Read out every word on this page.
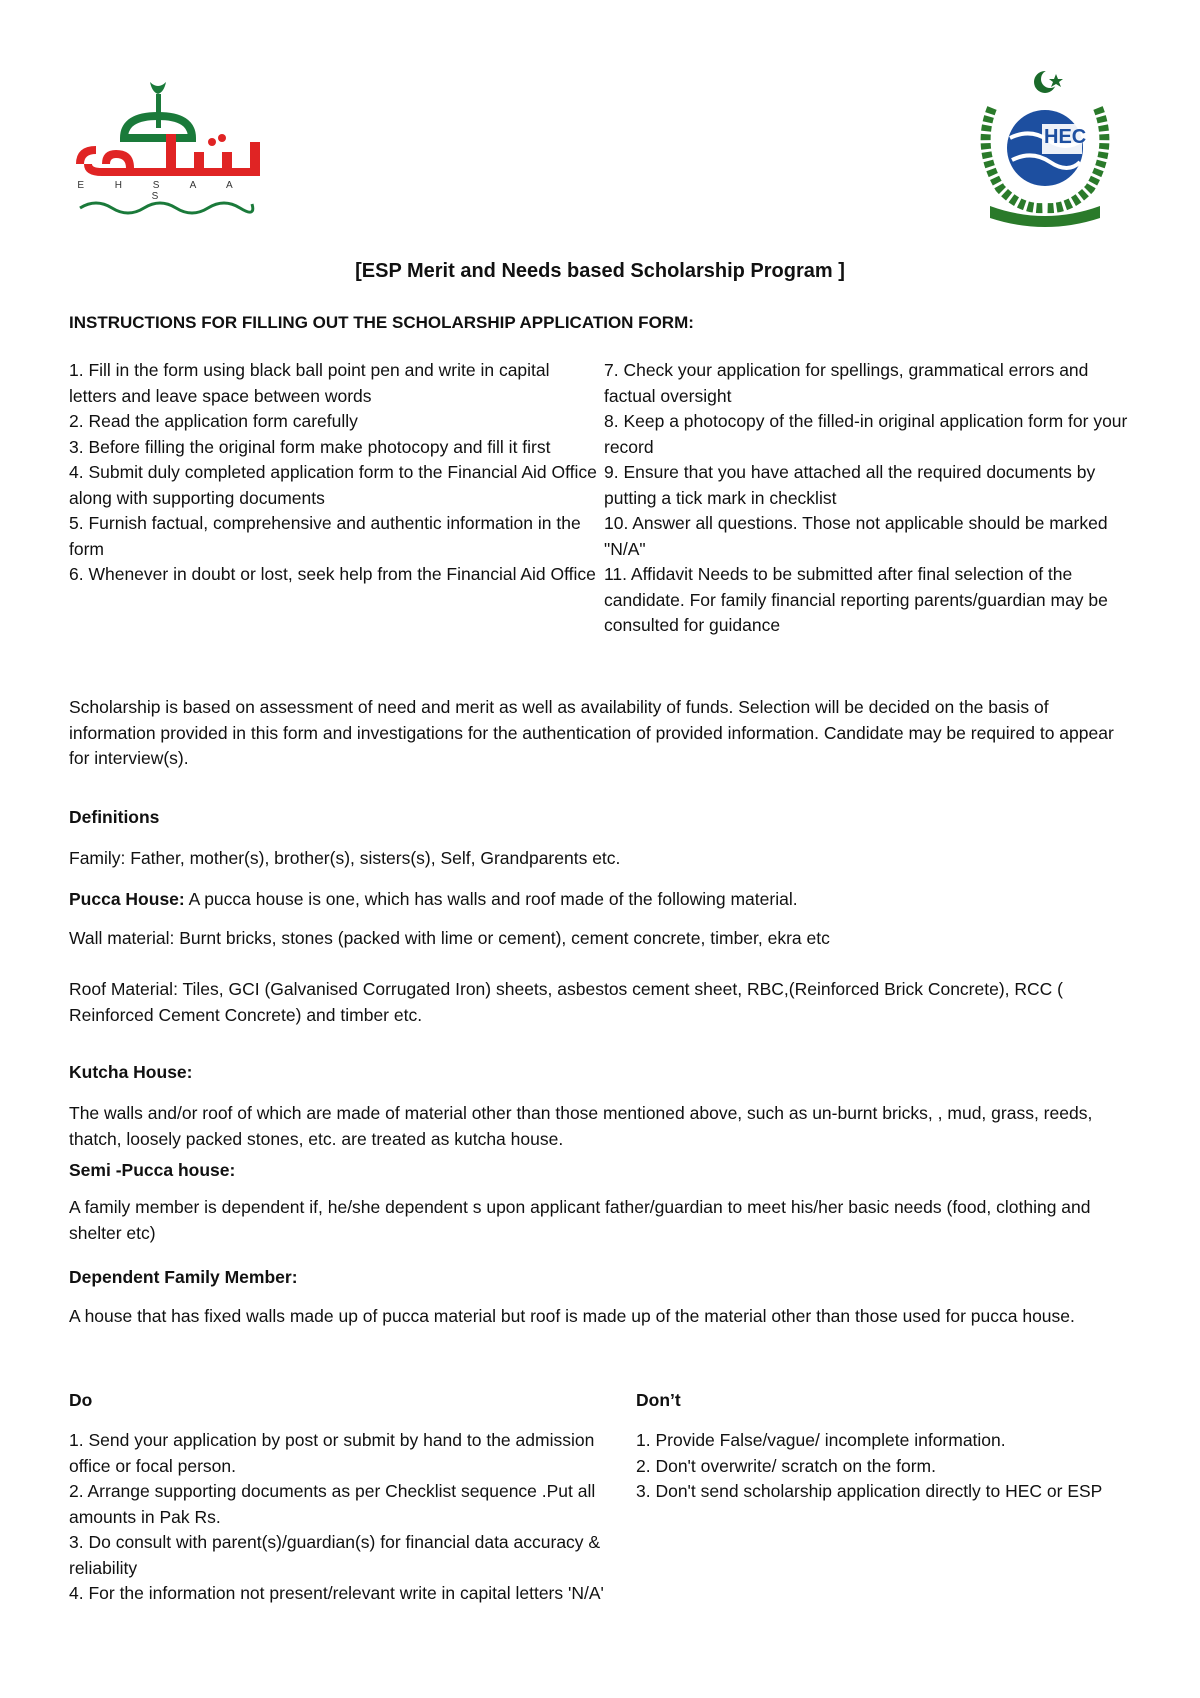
E H S A A S
HEC
[ESP Merit and Needs based Scholarship Program ]
INSTRUCTIONS FOR FILLING OUT THE SCHOLARSHIP APPLICATION FORM:
1. Fill in the form using black ball point pen and write in capital letters and leave space between words
2. Read the application form carefully
3. Before filling the original form make photocopy and fill it first
4. Submit duly completed application form to the Financial Aid Office along with supporting documents
5. Furnish factual, comprehensive and authentic information in the form
6. Whenever in doubt or lost, seek help from the Financial Aid Office
7. Check your application for spellings, grammatical errors and factual oversight
8. Keep a photocopy of the filled-in original application form for your record
9. Ensure that you have attached all the required documents by putting a tick mark in checklist
10. Answer all questions. Those not applicable should be marked "N/A"
11. Affidavit Needs to be submitted after final selection of the candidate. For family financial reporting parents/guardian may be consulted for guidance
Scholarship is based on assessment of need and merit as well as availability of funds. Selection will be decided on the basis of information provided in this form and investigations for the authentication of provided information. Candidate may be required to appear for interview(s).
Definitions
Family: Father, mother(s), brother(s), sisters(s), Self, Grandparents etc.
Pucca House: A pucca house is one, which has walls and roof made of the following material.
Wall material: Burnt bricks, stones (packed with lime or cement), cement concrete, timber, ekra etc
Roof Material: Tiles, GCI (Galvanised Corrugated Iron) sheets, asbestos cement sheet, RBC,(Reinforced Brick Concrete), RCC ( Reinforced Cement Concrete) and timber etc.
Kutcha House:
The walls and/or roof of which are made of material other than those mentioned above, such as un-burnt bricks, , mud, grass, reeds, thatch, loosely packed stones, etc. are treated as kutcha house.
Semi -Pucca house:
A family member is dependent if, he/she dependent s upon applicant father/guardian to meet his/her basic needs (food, clothing and shelter etc)
Dependent Family Member:
A house that has fixed walls made up of pucca material but roof is made up of the material other than those used for pucca house.
Do	Don’t
1. Send your application by post or submit by hand to the admission office or focal person.
2. Arrange supporting documents as per Checklist sequence .Put all amounts in Pak Rs.
3. Do consult with parent(s)/guardian(s) for financial data accuracy & reliability
4. For the information not present/relevant write in capital letters 'N/A'
1. Provide False/vague/ incomplete information.
2. Don't overwrite/ scratch on the form.
3. Don't send scholarship application directly to HEC or ESP
